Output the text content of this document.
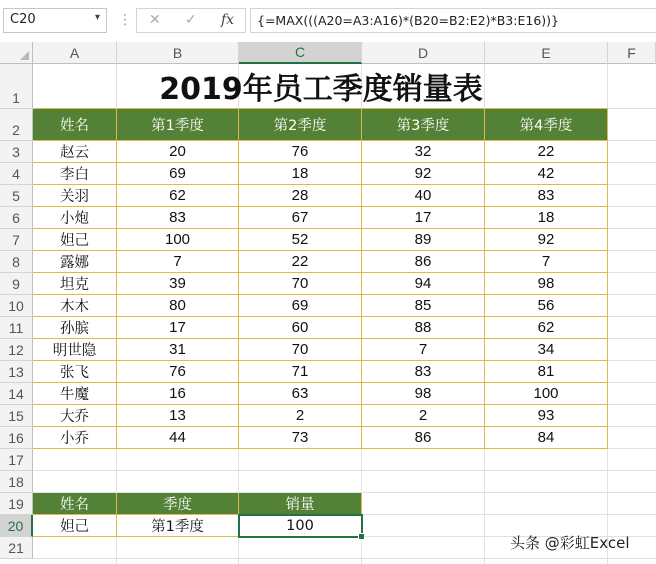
C20	▾ ⋮ ✕ ✓ fx {=MAX(((A20=A3:A16)*(B20=B2:E2)*B3:E16))}
A	B	C	D	E	F
1
2
3
4
5
6
7
8
9
10
11
12
13
14
15
16
17
18
19
20
21
2019年员工季度销量表
姓名	第1季度	第2季度	第3季度	第4季度
赵云	20	76	32	22
李白	69	18	92	42
关羽	62	28	40	83
小炮	83	67	17	18
妲己	100	52	89	92
露娜	7	22	86	7
坦克	39	70	94	98
木木	80	69	85	56
孙膑	17	60	88	62
明世隐	31	70	7	34
张飞	76	71	83	81
牛魔	16	63	98	100
大乔	13	2	2	93
小乔	44	73	86	84
姓名	季度	销量
妲己	第1季度	100
头条 @彩虹Excel
